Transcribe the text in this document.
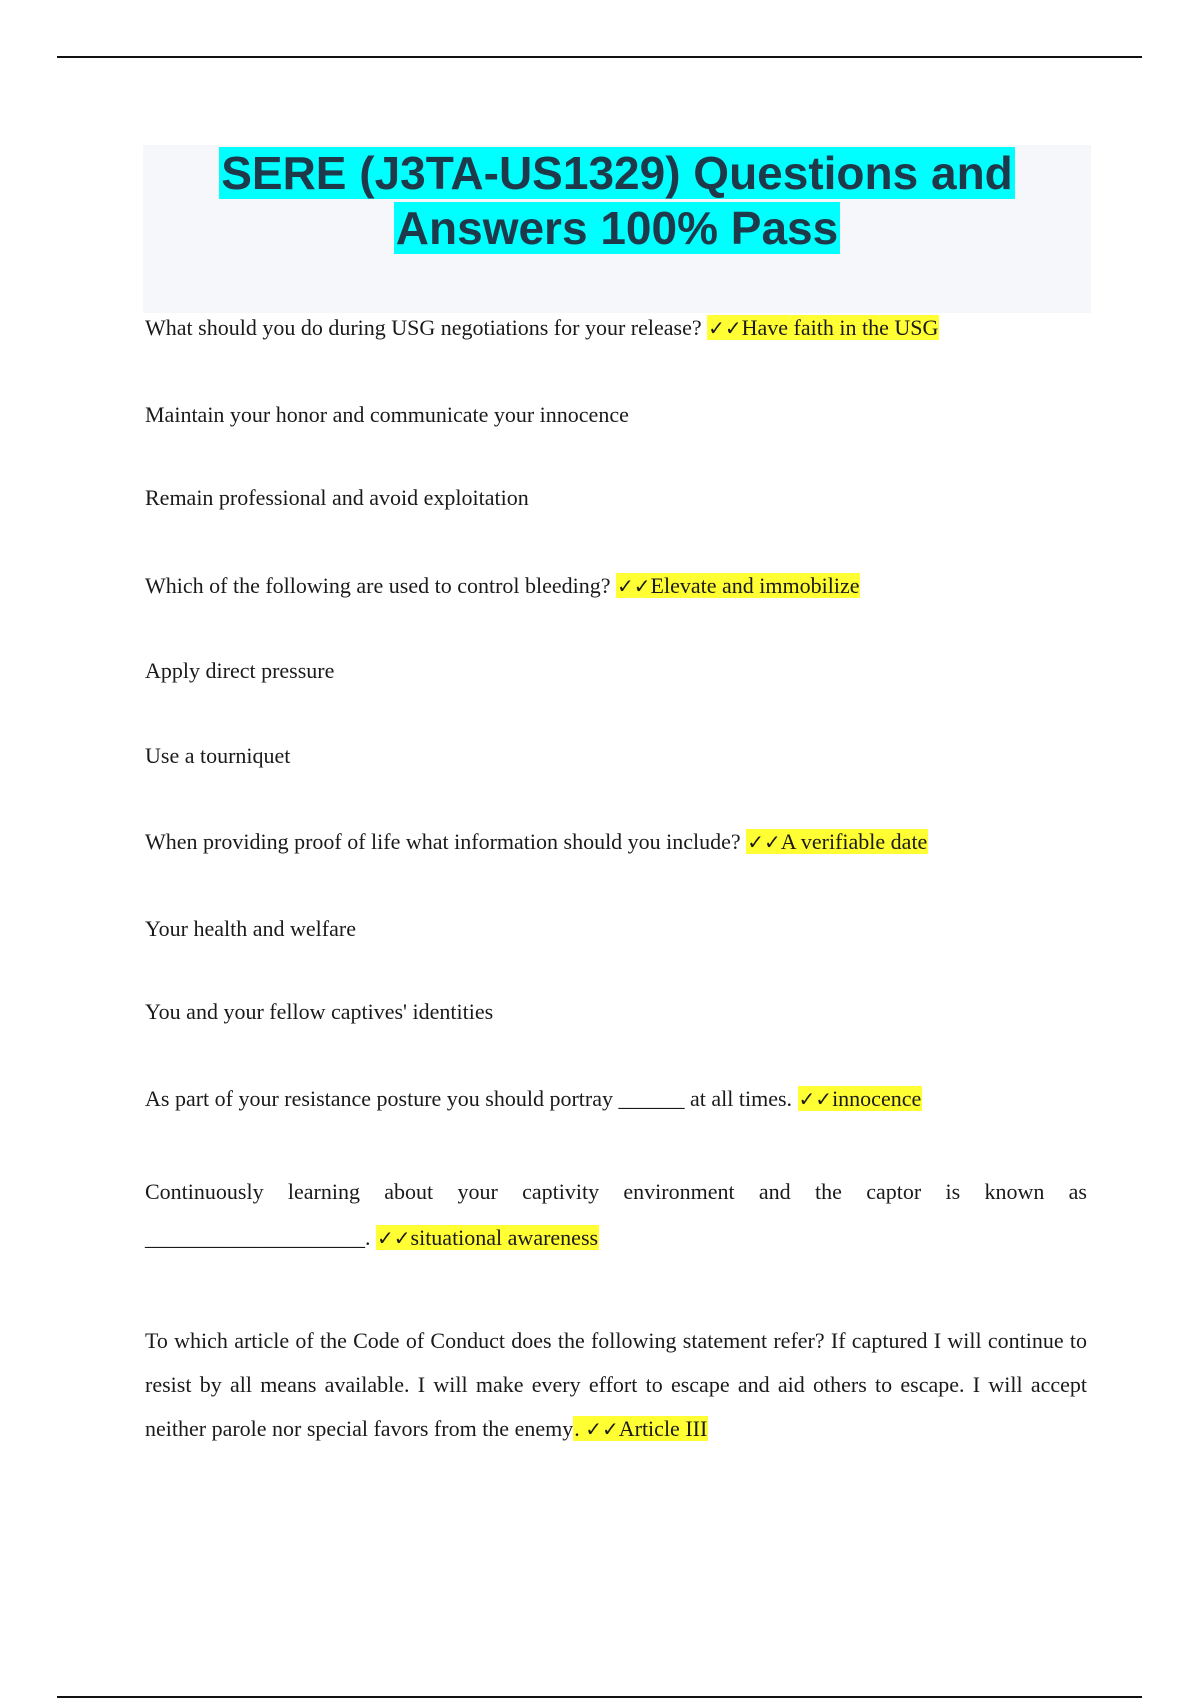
SERE (J3TA-US1329) Questions and
Answers 100% Pass

What should you do during USG negotiations for your release? ✓✓Have faith in the USG

Maintain your honor and communicate your innocence

Remain professional and avoid exploitation

Which of the following are used to control bleeding? ✓✓Elevate and immobilize

Apply direct pressure

Use a tourniquet

When providing proof of life what information should you include? ✓✓A verifiable date

Your health and welfare

You and your fellow captives' identities

As part of your resistance posture you should portray ______ at all times. ✓✓innocence

Continuously learning about your captivity environment and the captor is known as ____________________. ✓✓situational awareness

To which article of the Code of Conduct does the following statement refer? If captured I will continue to resist by all means available. I will make every effort to escape and aid others to escape. I will accept neither parole nor special favors from the enemy. ✓✓Article III
